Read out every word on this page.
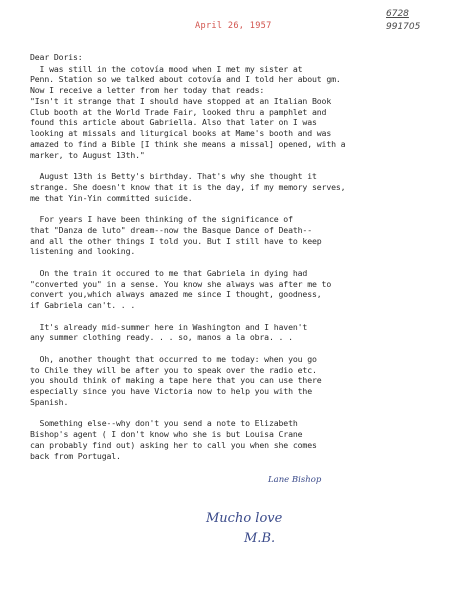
6728
991705
April 26, 1957
Dear Doris:
I was still in the cotovía mood when I met my sister at
Penn. Station so we talked about cotovía and I told her about gm.
Now I receive a letter from her today that reads:
"Isn't it strange that I should have stopped at an Italian Book
Club booth at the World Trade Fair, looked thru a pamphlet and
found this article about Gabriella. Also that later on I was
looking at missals and liturgical books at Mame's booth and was
amazed to find a Bible [I think she means a missal] opened, with a
marker, to August 13th."
August 13th is Betty's birthday. That's why she thought it
strange. She doesn't know that it is the day, if my memory serves,
me that Yin-Yin committed suicide.
For years I have been thinking of the significance of
that "Danza de luto" dream--now the Basque Dance of Death--
and all the other things I told you. But I still have to keep
listening and looking.
On the train it occured to me that Gabriela in dying had
"converted you" in a sense. You know she always was after me to
convert you,which always amazed me since I thought, goodness,
if Gabriela can't. . .
It's already mid-summer here in Washington and I haven't
any summer clothing ready. . . so, manos a la obra. . .
Oh, another thought that occurred to me today: when you go
to Chile they will be after you to speak over the radio etc.
you should think of making a tape here that you can use there
especially since you have Victoria now to help you with the
Spanish.
Something else--why don't you send a note to Elizabeth
Bishop's agent ( I don't know who she is but Louisa Crane
can probably find out) asking her to call you when she comes
back from Portugal.
Lane Bishop
Mucho love
M.B.
